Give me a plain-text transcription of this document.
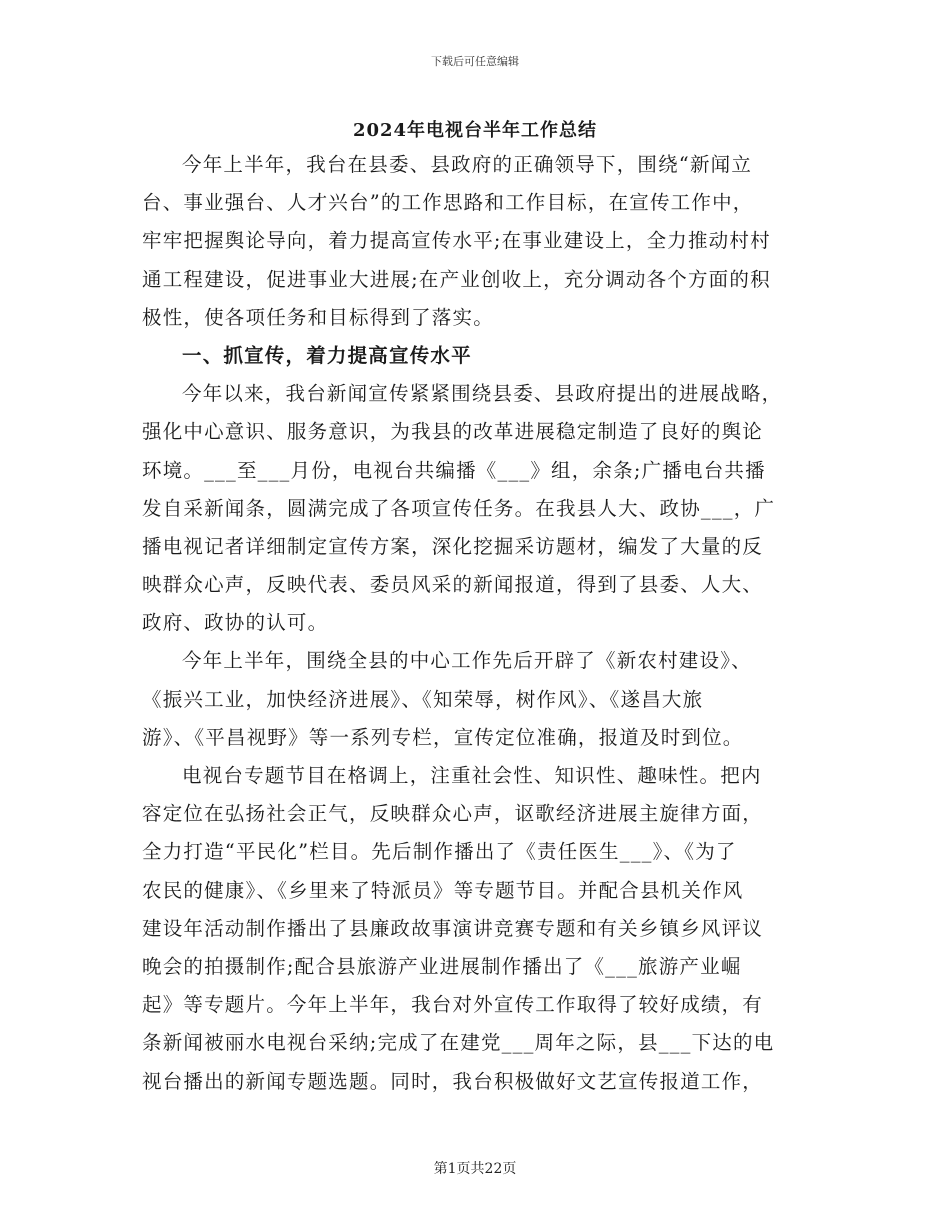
下载后可任意编辑
2024年电视台半年工作总结
今年上半年，我台在县委、县政府的正确领导下，围绕“新闻立
台、事业强台、人才兴台”的工作思路和工作目标，在宣传工作中，
牢牢把握舆论导向，着力提高宣传水平;在事业建设上，全力推动村村
通工程建设，促进事业大进展;在产业创收上，充分调动各个方面的积
极性，使各项任务和目标得到了落实。
一、抓宣传，着力提高宣传水平
今年以来，我台新闻宣传紧紧围绕县委、县政府提出的进展战略，
强化中心意识、服务意识，为我县的改革进展稳定制造了良好的舆论
环境。___至___月份，电视台共编播《___》组，余条;广播电台共播
发自采新闻条，圆满完成了各项宣传任务。在我县人大、政协___，广
播电视记者详细制定宣传方案，深化挖掘采访题材，编发了大量的反
映群众心声，反映代表、委员风采的新闻报道，得到了县委、人大、
政府、政协的认可。
今年上半年，围绕全县的中心工作先后开辟了《新农村建设》、
《振兴工业，加快经济进展》、《知荣辱，树作风》、《遂昌大旅
游》、《平昌视野》等一系列专栏，宣传定位准确，报道及时到位。
电视台专题节目在格调上，注重社会性、知识性、趣味性。把内
容定位在弘扬社会正气，反映群众心声，讴歌经济进展主旋律方面，
全力打造“平民化”栏目。先后制作播出了《责任医生___》、《为了
农民的健康》、《乡里来了特派员》等专题节目。并配合县机关作风
建设年活动制作播出了县廉政故事演讲竞赛专题和有关乡镇乡风评议
晚会的拍摄制作;配合县旅游产业进展制作播出了《___旅游产业崛
起》等专题片。今年上半年，我台对外宣传工作取得了较好成绩，有
条新闻被丽水电视台采纳;完成了在建党___周年之际，县___下达的电
视台播出的新闻专题选题。同时，我台积极做好文艺宣传报道工作，
第1页共22页
